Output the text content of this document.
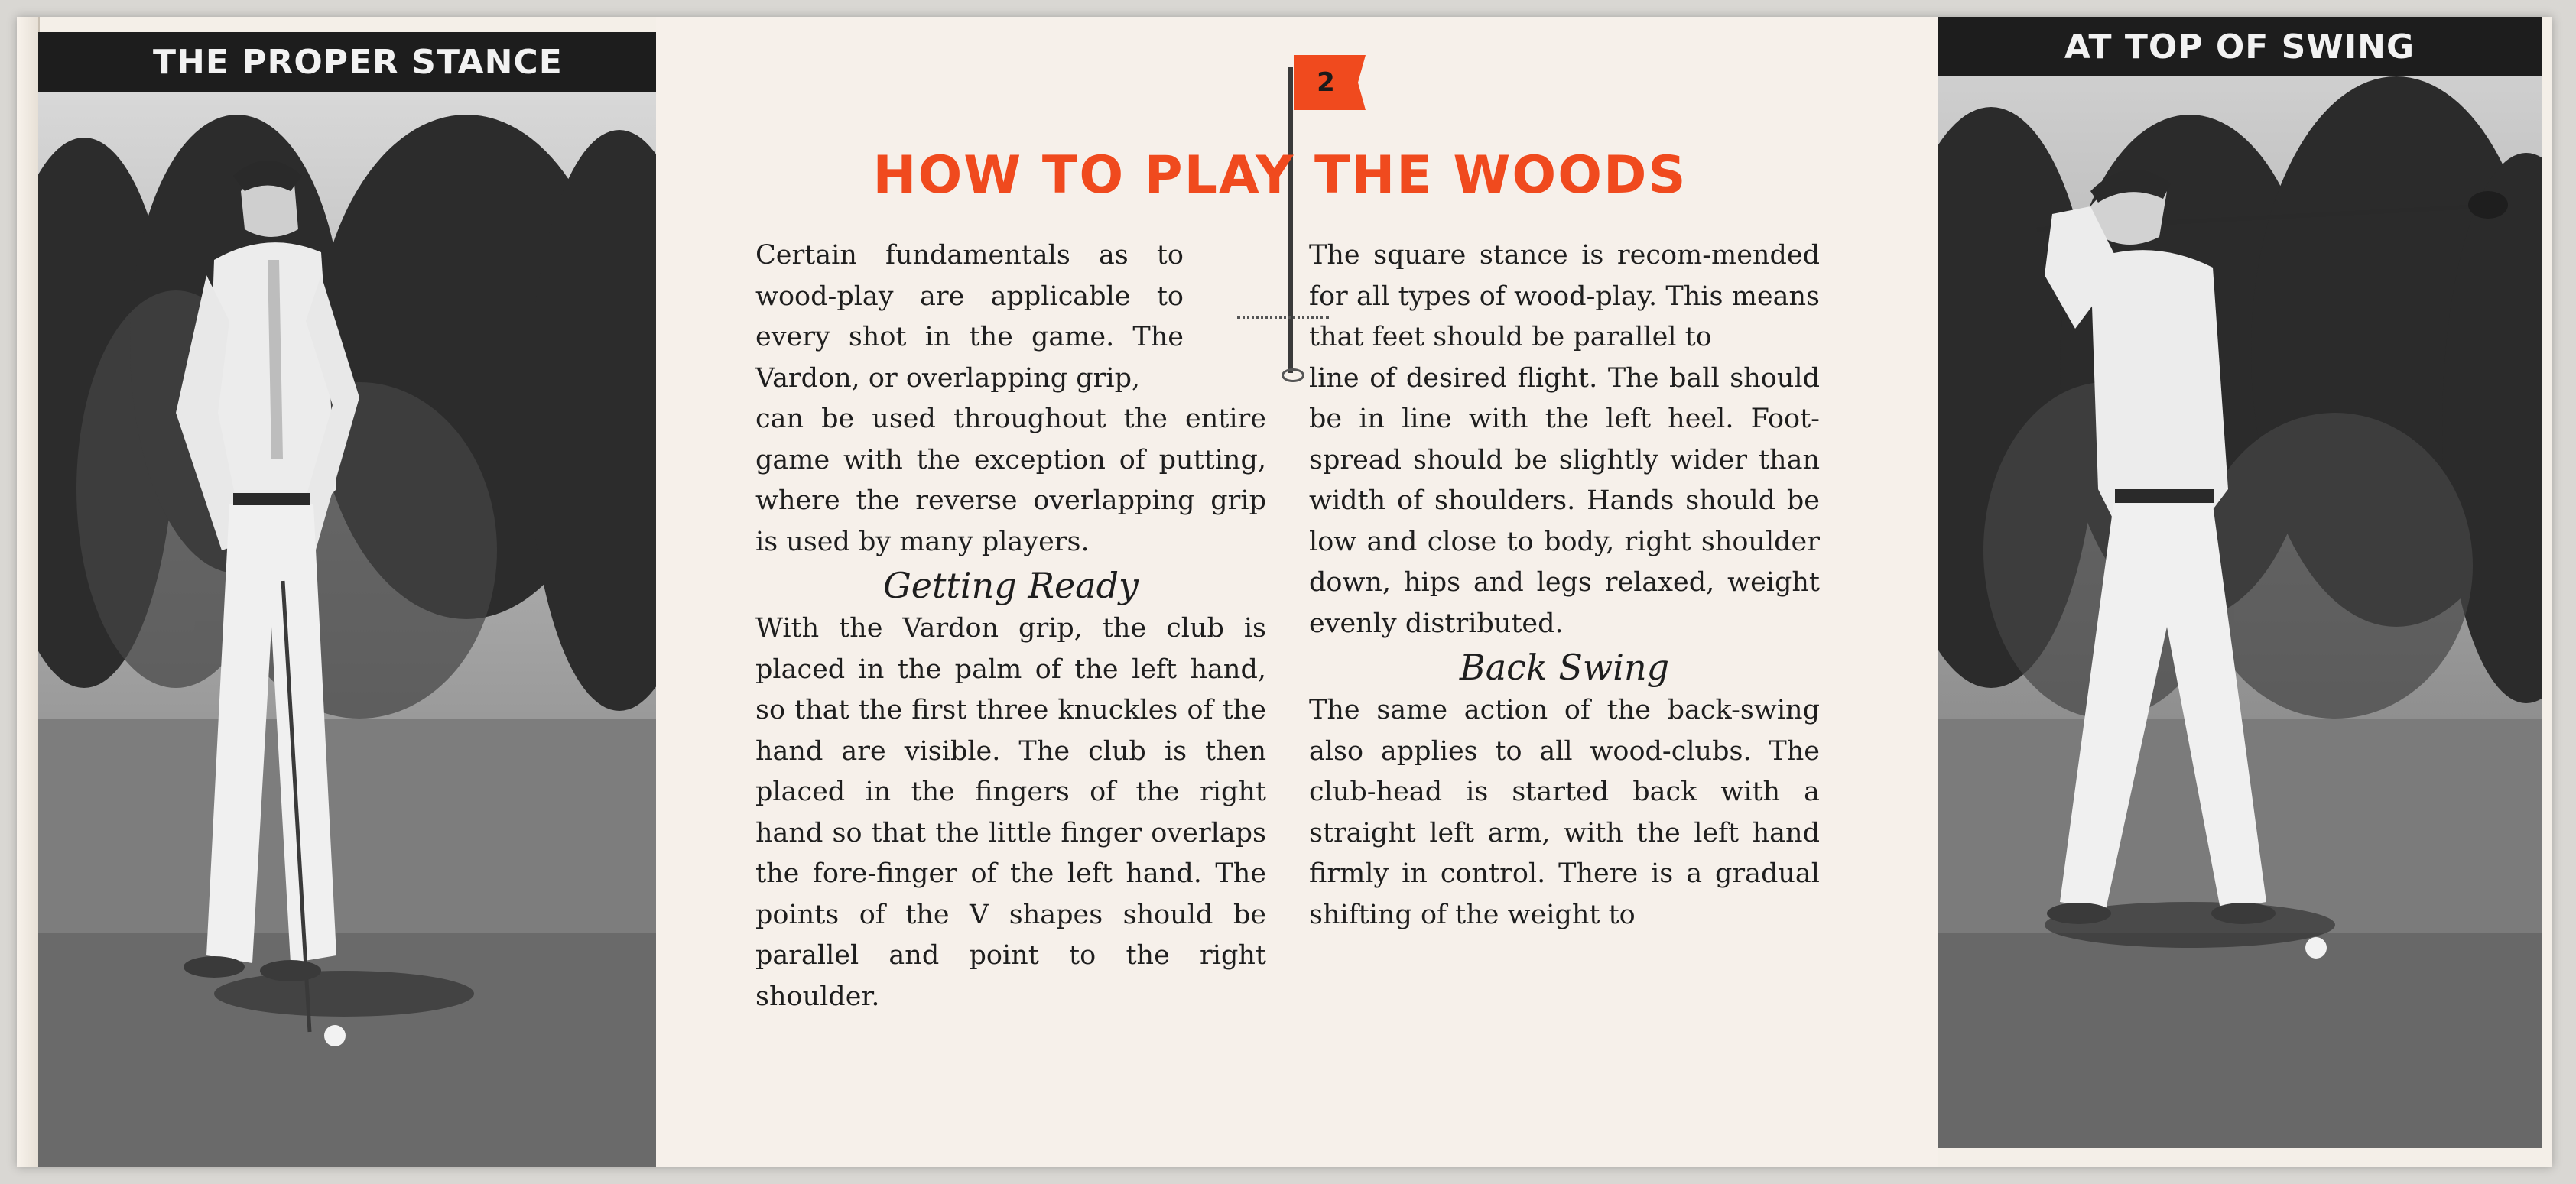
THE PROPER STANCE
2
HOW TO PLAY THE WOODS

Certain fundamentals as to wood-play are applicable to every shot in the game. The Vardon, or overlapping grip,

can be used throughout the entire game with the exception of putting, where the reverse overlapping grip is used by many players.

Getting Ready

With the Vardon grip, the club is placed in the palm of the left hand, so that the first three knuckles of the hand are visible. The club is then placed in the fingers of the right hand so that the little finger overlaps the fore-finger of the left hand. The points of the V shapes should be parallel and point to the right shoulder.

The square stance is recom-mended for all types of wood-play. This means that feet should be parallel to

line of desired flight. The ball should be in line with the left heel. Foot-spread should be slightly wider than width of shoulders. Hands should be low and close to body, right shoulder down, hips and legs relaxed, weight evenly distributed.

Back Swing

The same action of the back-swing also applies to all wood-clubs. The club-head is started back with a straight left arm, with the left hand firmly in control. There is a gradual shifting of the weight to

AT TOP OF SWING
